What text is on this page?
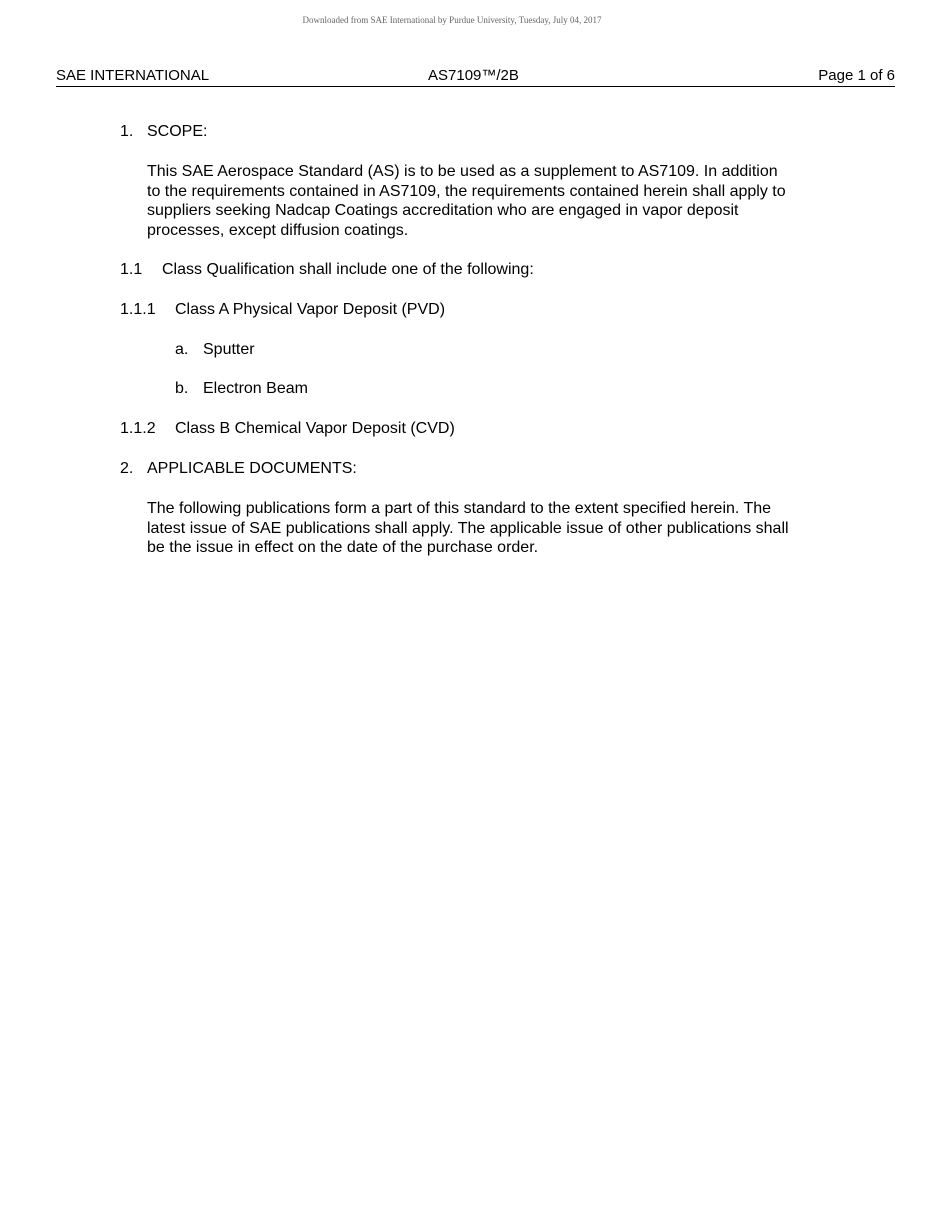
Downloaded from SAE International by Purdue University, Tuesday, July 04, 2017
SAE INTERNATIONAL	AS7109™/2B	Page 1 of 6
1. SCOPE:
This SAE Aerospace Standard (AS) is to be used as a supplement to AS7109. In addition
to the requirements contained in AS7109, the requirements contained herein shall apply to
suppliers seeking Nadcap Coatings accreditation who are engaged in vapor deposit
processes, except diffusion coatings.
1.1 Class Qualification shall include one of the following:
1.1.1 Class A Physical Vapor Deposit (PVD)
a. Sputter
b. Electron Beam
1.1.2 Class B Chemical Vapor Deposit (CVD)
2. APPLICABLE DOCUMENTS:
The following publications form a part of this standard to the extent specified herein. The
latest issue of SAE publications shall apply. The applicable issue of other publications shall
be the issue in effect on the date of the purchase order.
